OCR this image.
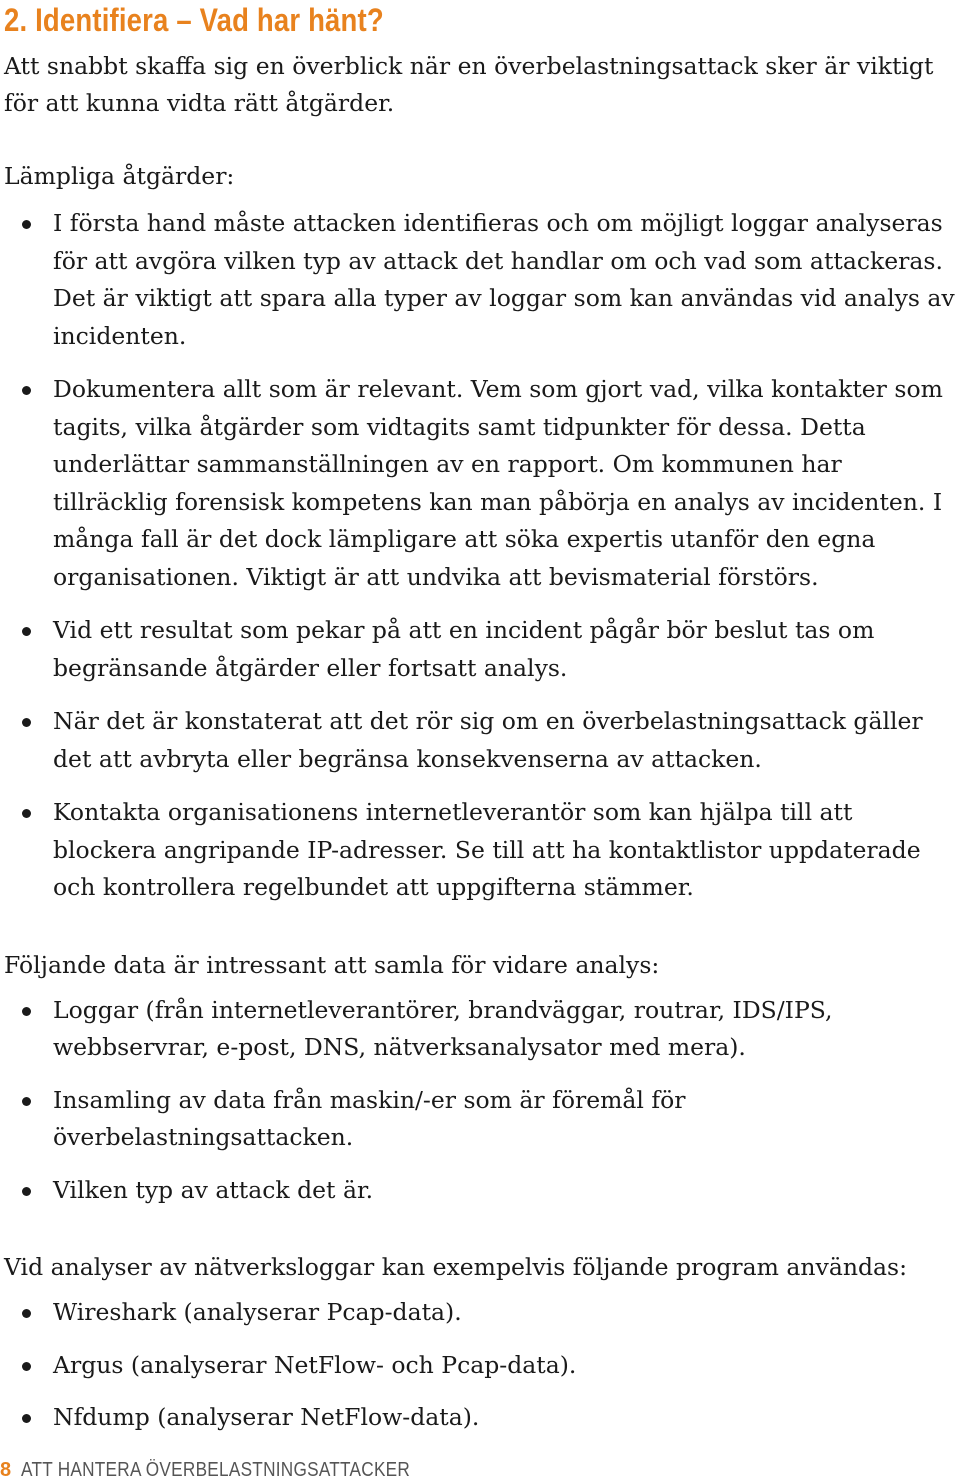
2. Identifiera – Vad har hänt?

Att snabbt skaffa sig en överblick när en överbelastningsattack sker är viktigt för att kunna vidta rätt åtgärder.

Lämpliga åtgärder:

I första hand måste attacken identifieras och om möjligt loggar analyseras för att avgöra vilken typ av attack det handlar om och vad som attackeras. Det är viktigt att spara alla typer av loggar som kan användas vid analys av incidenten.
Dokumentera allt som är relevant. Vem som gjort vad, vilka kontakter som tagits, vilka åtgärder som vidtagits samt tidpunkter för dessa. Detta underlättar sammanställningen av en rapport. Om kommunen har tillräcklig forensisk kompetens kan man påbörja en analys av incidenten. I många fall är det dock lämpligare att söka expertis utanför den egna organisationen. Viktigt är att undvika att bevismaterial förstörs.
Vid ett resultat som pekar på att en incident pågår bör beslut tas om begränsande åtgärder eller fortsatt analys.
När det är konstaterat att det rör sig om en överbelastningsattack gäller det att avbryta eller begränsa konsekvenserna av attacken.
Kontakta organisationens internetleverantör som kan hjälpa till att blockera angripande IP-adresser. Se till att ha kontaktlistor uppdaterade och kontrollera regelbundet att uppgifterna stämmer.

Följande data är intressant att samla för vidare analys:

Loggar (från internetleverantörer, brandväggar, routrar, IDS/IPS, webbservrar, e-post, DNS, nätverksanalysator med mera).
Insamling av data från maskin/-er som är föremål för överbelastningsattacken.
Vilken typ av attack det är.

Vid analyser av nätverksloggar kan exempelvis följande program användas:

Wireshark (analyserar Pcap-data).
Argus (analyserar NetFlow- och Pcap-data).
Nfdump (analyserar NetFlow-data).
8 ATT HANTERA ÖVERBELASTNINGSATTACKER
